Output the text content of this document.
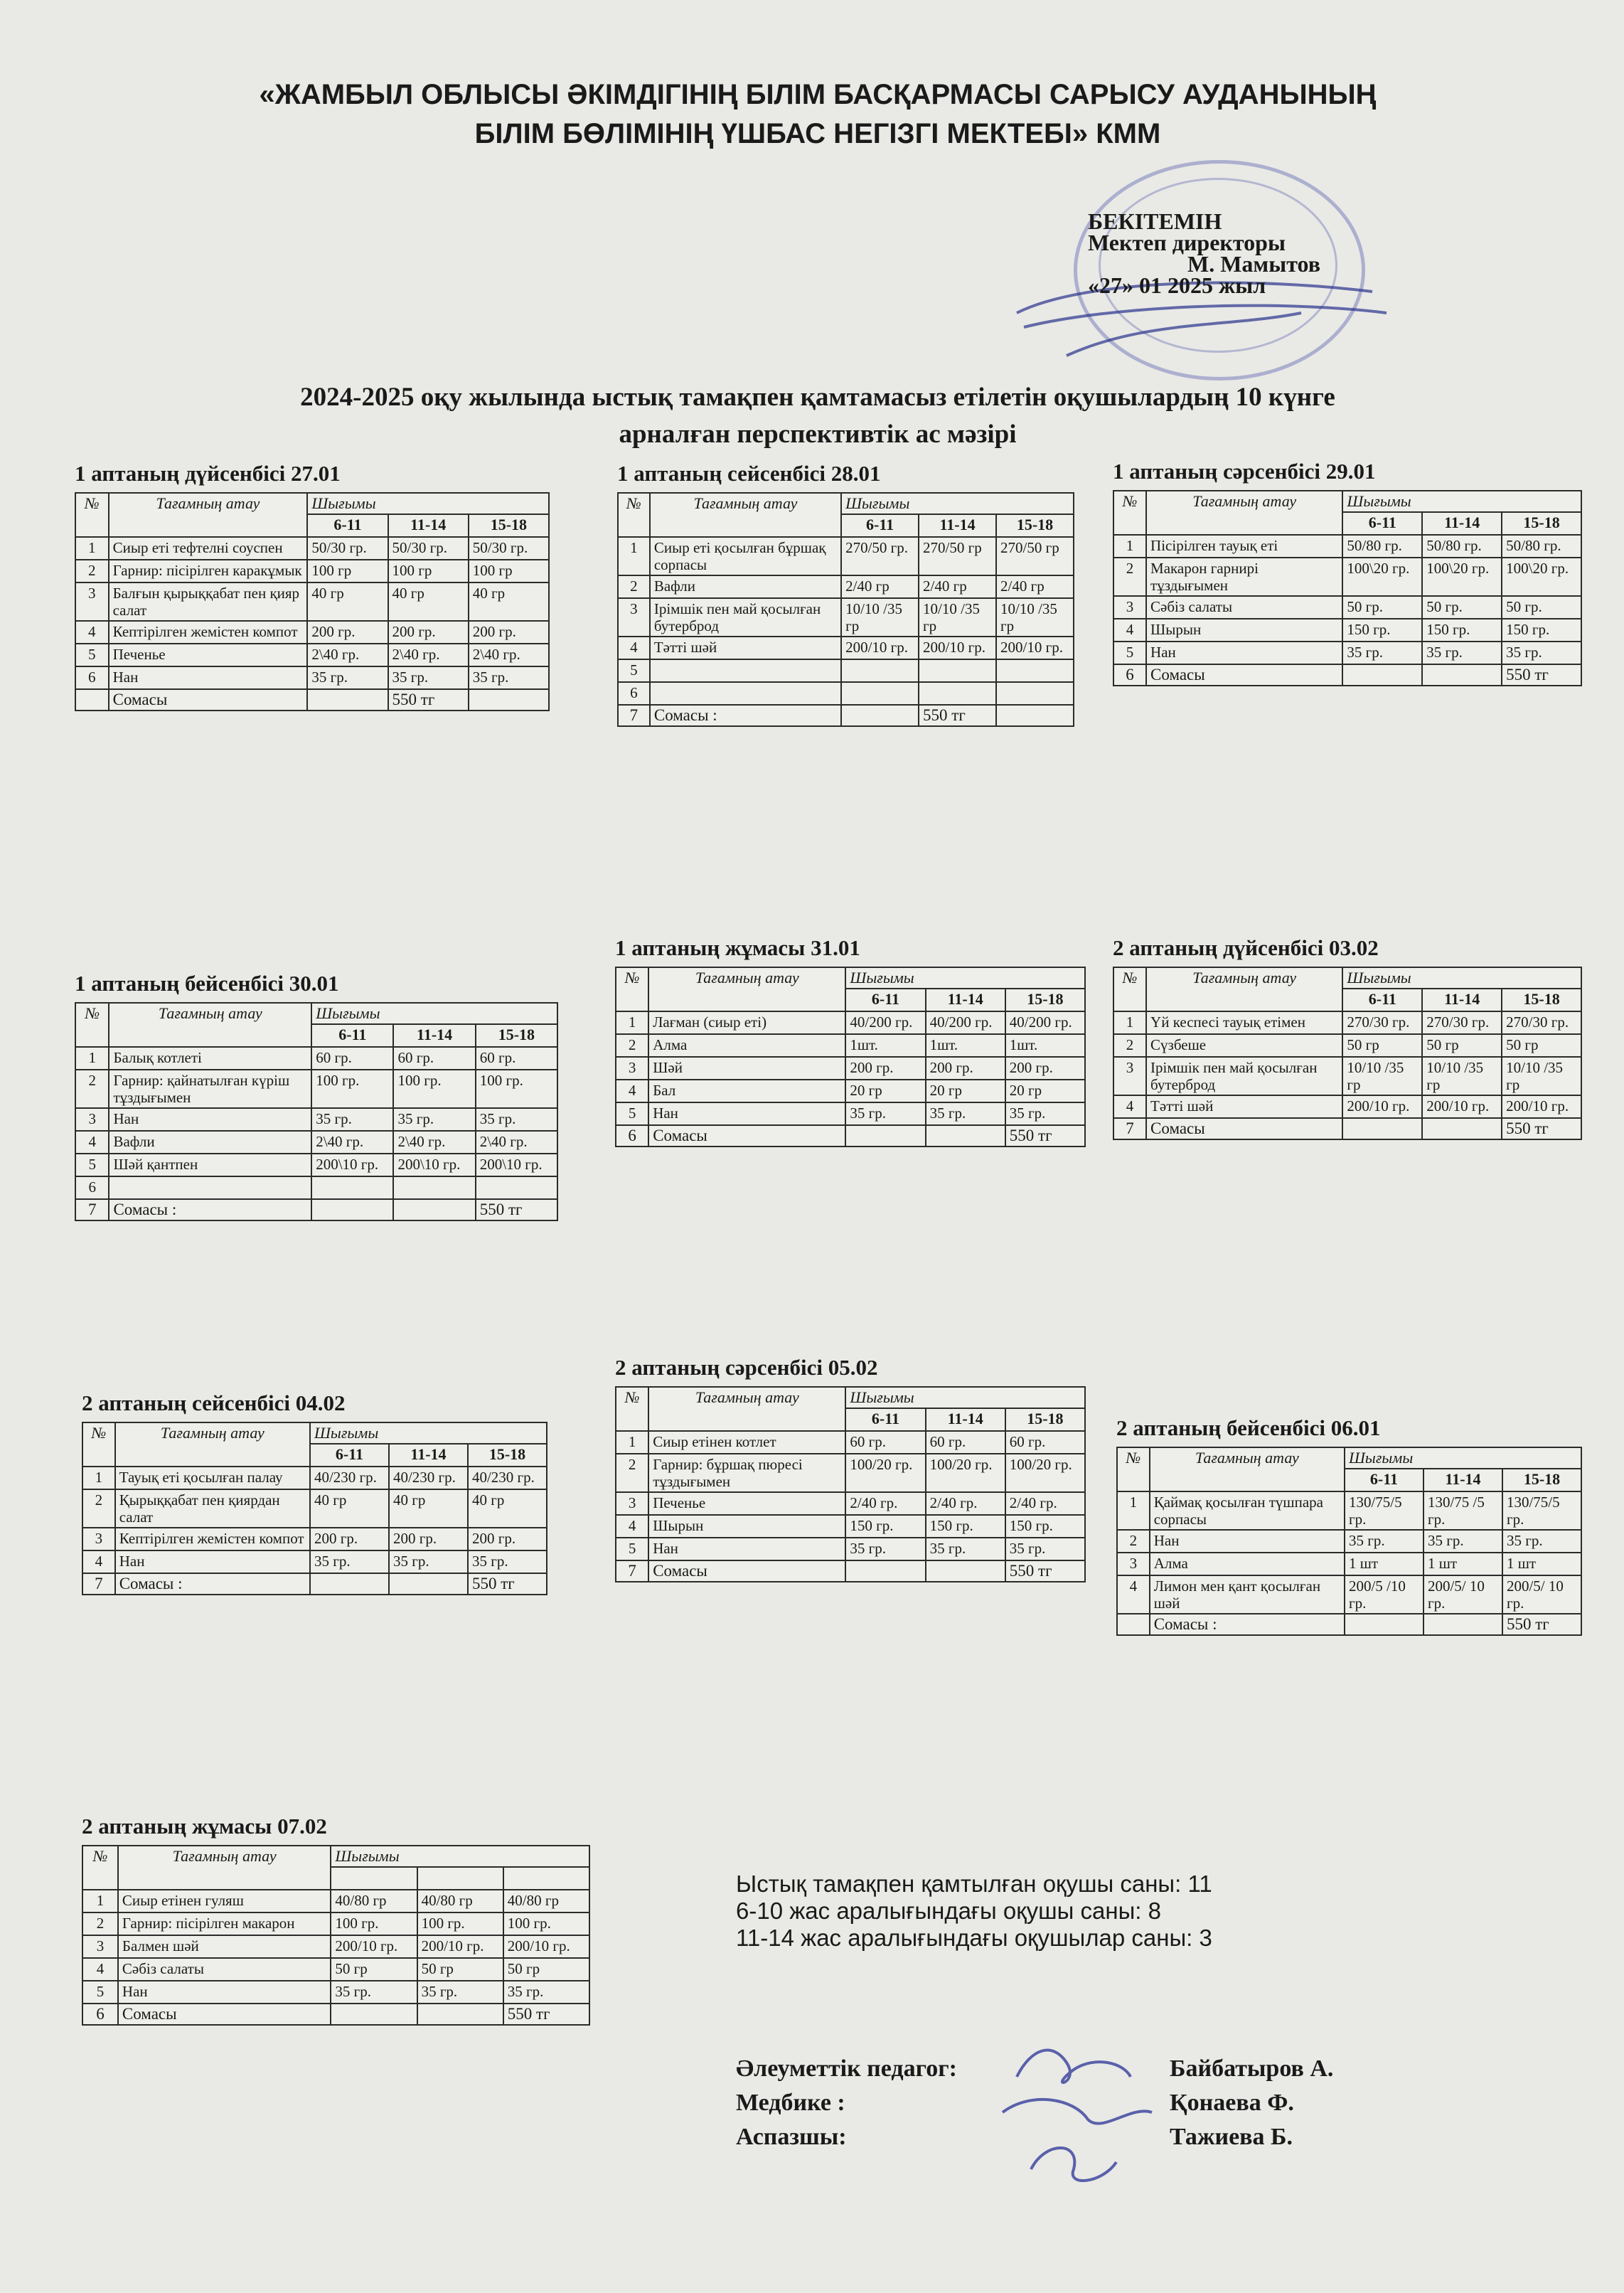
«ЖАМБЫЛ ОБЛЫСЫ ӘКІМДІГІНІҢ БІЛІМ БАСҚАРМАСЫ САРЫСУ АУДАНЫНЫҢ
БІЛІМ БӨЛІМІНІҢ ҮШБАС НЕГІЗГІ МЕКТЕБІ» КММ
БЕКІТЕМІН
Мектеп директоры
М. Мамытов
«27» 01 2025 жыл
2024-2025 оқу жылында ыстық тамақпен қамтамасыз етілетін оқушылардың 10 күнге
арналған перспективтік ас мәзірі
1 аптаның дүйсенбісі 27.01
№	Тағамның атау	Шығымы		
		6-11	11-14	15-18
1	Сиыр еті тефтелні соуспен	50/30 гр.	50/30 гр.	50/30 гр.
2	Гарнир: пісірілген каракұмык	100 гр	100 гр	100 гр
3	Балғын қырыққабат пен қияр салат	40 гр	40 гр	40 гр
4	Кептірілген жемістен компот	200 гр.	200 гр.	200 гр.
5	Печенье	2\40 гр.	2\40 гр.	2\40 гр.
6	Нан	35 гр.	35 гр.	35 гр.
	Сомасы		550 тг	
1 аптаның сейсенбісі 28.01
№	Тағамның атау	Шығымы		
		6-11	11-14	15-18
1	Сиыр еті қосылған бұршақ сорпасы	270/50 гр.	270/50 гр	270/50 гр
2	Вафли	2/40 гр	2/40 гр	2/40 гр
3	Ірімшік пен май қосылған бутерброд	10/10 /35 гр	10/10 /35 гр	10/10 /35 гр
4	Тәтті шәй	200/10 гр.	200/10 гр.	200/10 гр.
5				
6				
7	Сомасы :		550 тг	
1 аптаның сәрсенбісі 29.01
№	Тағамның атау	Шығымы		
		6-11	11-14	15-18
1	Пісірілген тауық еті	50/80 гр.	50/80 гр.	50/80 гр.
2	Макарон гарнирі тұздығымен	100\20 гр.	100\20 гр.	100\20 гр.
3	Сәбіз салаты	50 гр.	50 гр.	50 гр.
4	Шырын	150 гр.	150 гр.	150 гр.
5	Нан	35 гр.	35 гр.	35 гр.
6	Сомасы			550 тг
1 аптаның бейсенбісі 30.01
№	Тағамның атау	Шығымы		
		6-11	11-14	15-18
1	Балық котлеті	60 гр.	60 гр.	60 гр.
2	Гарнир: қайнатылған күріш тұздығымен	100 гр.	100 гр.	100 гр.
3	Нан	35 гр.	35 гр.	35 гр.
4	Вафли	2\40 гр.	2\40 гр.	2\40 гр.
5	Шәй қантпен	200\10 гр.	200\10 гр.	200\10 гр.
6				
7	Сомасы :			550 тг
1 аптаның жұмасы 31.01
№	Тағамның атау	Шығымы		
		6-11	11-14	15-18
1	Лағман (сиыр еті)	40/200 гр.	40/200 гр.	40/200 гр.
2	Алма	1шт.	1шт.	1шт.
3	Шәй	200 гр.	200 гр.	200 гр.
4	Бал	20 гр	20 гр	20 гр
5	Нан	35 гр.	35 гр.	35 гр.
6	Сомасы			550 тг
2 аптаның дүйсенбісі 03.02
№	Тағамның атау	Шығымы		
		6-11	11-14	15-18
1	Үй кеспесі тауық етімен	270/30 гр.	270/30 гр.	270/30 гр.
2	Сүзбеше	50 гр	50 гр	50 гр
3	Ірімшік пен май қосылған бутерброд	10/10 /35 гр	10/10 /35 гр	10/10 /35 гр
4	Тәтті шәй	200/10 гр.	200/10 гр.	200/10 гр.
7	Сомасы			550 тг
2 аптаның сейсенбісі 04.02
№	Тағамның атау	Шығымы		
		6-11	11-14	15-18
1	Тауық еті қосылған палау	40/230 гр.	40/230 гр.	40/230 гр.
2	Қырыққабат пен қиярдан салат	40 гр	40 гр	40 гр
3	Кептірілген жемістен компот	200 гр.	200 гр.	200 гр.
4	Нан	35 гр.	35 гр.	35 гр.
7	Сомасы :			550 тг
2 аптаның сәрсенбісі 05.02
№	Тағамның атау	Шығымы		
		6-11	11-14	15-18
1	Сиыр етінен котлет	60 гр.	60 гр.	60 гр.
2	Гарнир: бұршақ пюресі тұздығымен	100/20 гр.	100/20 гр.	100/20 гр.
3	Печенье	2/40 гр.	2/40 гр.	2/40 гр.
4	Шырын	150 гр.	150 гр.	150 гр.
5	Нан	35 гр.	35 гр.	35 гр.
7	Сомасы			550 тг
2 аптаның бейсенбісі 06.01
№	Тағамның атау	Шығымы		
		6-11	11-14	15-18
1	Қаймақ қосылған түшпара сорпасы	130/75/5 гр.	130/75 /5 гр.	130/75/5 гр.
2	Нан	35 гр.	35 гр.	35 гр.
3	Алма	1 шт	1 шт	1 шт
4	Лимон мен қант қосылған шәй	200/5 /10 гр.	200/5/ 10 гр.	200/5/ 10 гр.
	Сомасы :			550 тг
2 аптаның жұмасы 07.02
№	Тағамның атау	Шығымы		

1	Сиыр етінен гуляш	40/80 гр	40/80 гр	40/80 гр
2	Гарнир: пісірілген макарон	100 гр.	100 гр.	100 гр.
3	Балмен шәй	200/10 гр.	200/10 гр.	200/10 гр.
4	Сәбіз салаты	50 гр	50 гр	50 гр
5	Нан	35 гр.	35 гр.	35 гр.
6	Сомасы			550 тг
Ыстық тамақпен қамтылған оқушы саны: 11
6-10 жас аралығындағы оқушы саны: 8
11-14 жас аралығындағы оқушылар саны: 3
Әлеуметтік педагог:	Байбатыров А.
Медбике :	Қонаева Ф.
Аспазшы:	Тажиева Б.
